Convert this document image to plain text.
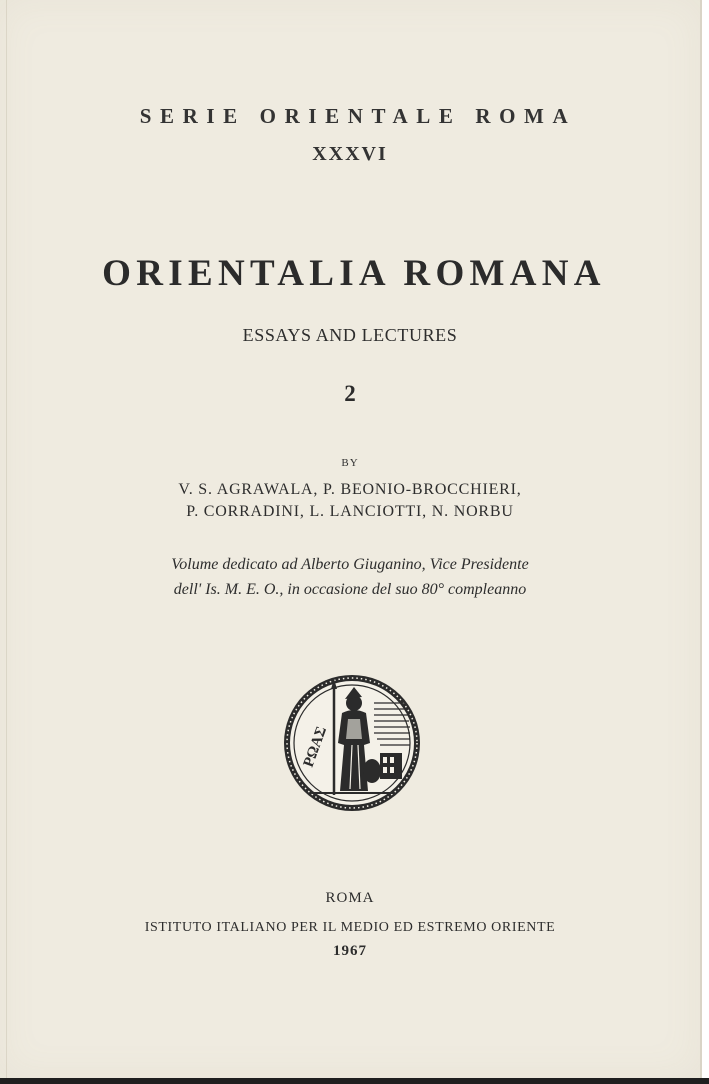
SERIE ORIENTALE ROMA
XXXVI
ORIENTALIA ROMANA
ESSAYS AND LECTURES
2
BY
V. S. AGRAWALA, P. BEONIO-BROCCHIERI,
P. CORRADINI, L. LANCIOTTI, N. NORBU
Volume dedicato ad Alberto Giuganino, Vice Presidente
dell' Is. M. E. O., in occasione del suo 80° compleanno
ΡΩΑΣ
ROMA
ISTITUTO ITALIANO PER IL MEDIO ED ESTREMO ORIENTE
1967
